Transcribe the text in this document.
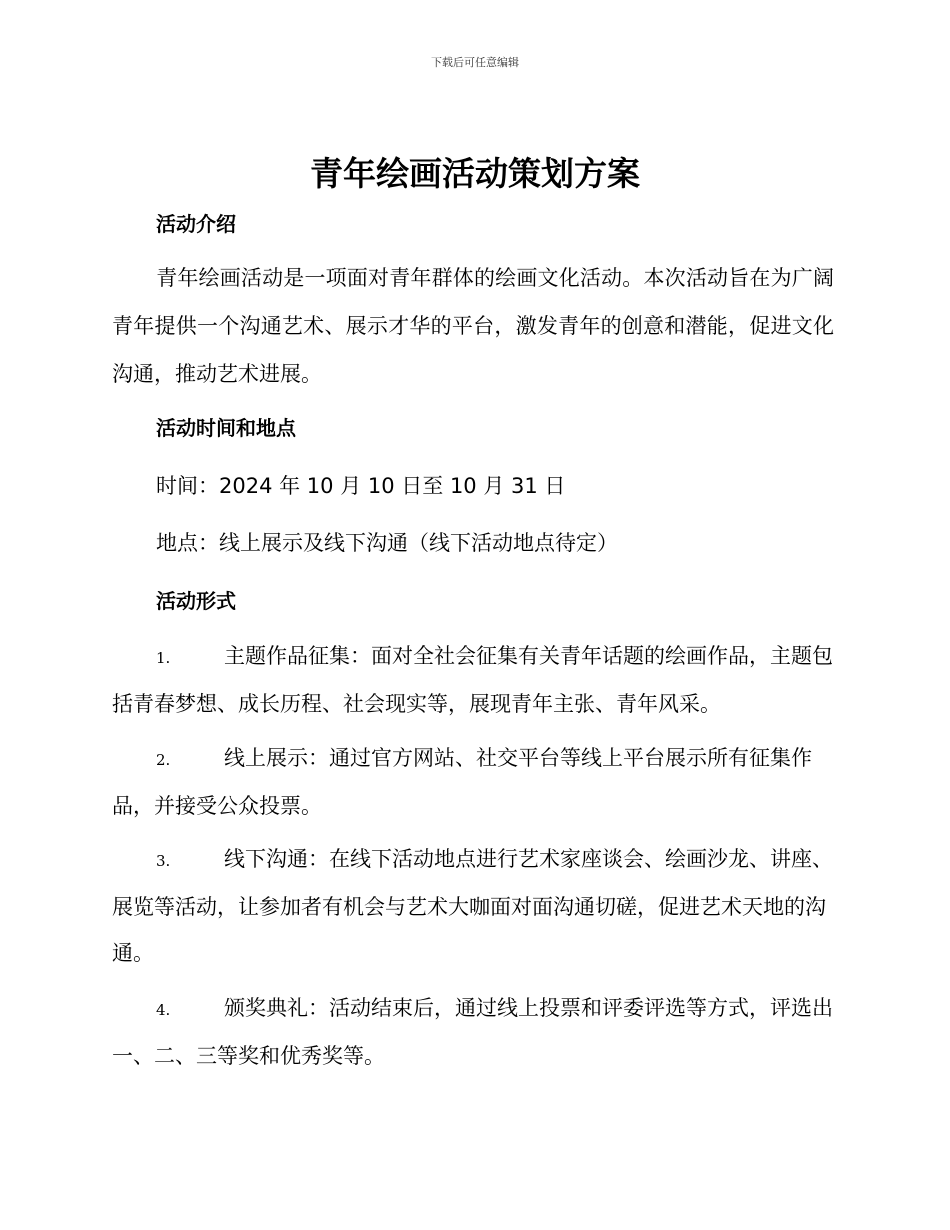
下载后可任意编辑
青年绘画活动策划方案
活动介绍
青年绘画活动是一项面对青年群体的绘画文化活动。本次活动旨在为广阔青年提供一个沟通艺术、展示才华的平台，激发青年的创意和潜能，促进文化沟通，推动艺术进展。
活动时间和地点
时间：2024 年 10 月 10 日至 10 月 31 日
地点：线上展示及线下沟通（线下活动地点待定）
活动形式
1.	主题作品征集：面对全社会征集有关青年话题的绘画作品，主题包括青春梦想、成长历程、社会现实等，展现青年主张、青年风采。
2.	线上展示：通过官方网站、社交平台等线上平台展示所有征集作品，并接受公众投票。
3.	线下沟通：在线下活动地点进行艺术家座谈会、绘画沙龙、讲座、展览等活动，让参加者有机会与艺术大咖面对面沟通切磋，促进艺术天地的沟通。
4.	颁奖典礼：活动结束后，通过线上投票和评委评选等方式，评选出一、二、三等奖和优秀奖等。
